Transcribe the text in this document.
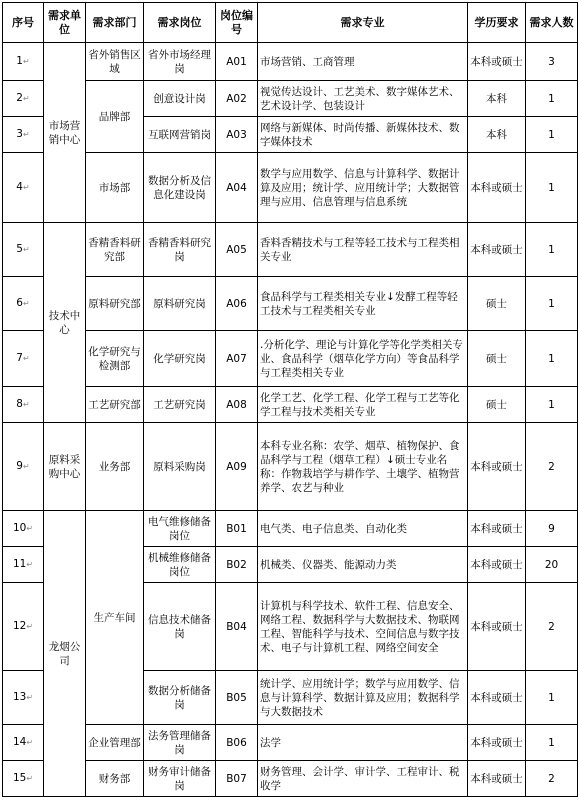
序号	需求单位	需求部门	需求岗位	岗位编号	需求专业	学历要求	需求人数
1↵	市场营销中心	省外销售区域	省外市场经理岗	A01	市场营销、工商管理	本科或硕士	3
2↵		品牌部	创意设计岗	A02	视觉传达设计、工艺美术、数字媒体艺术、艺术设计学、包装设计	本科	1
3↵			互联网营销岗	A03	网络与新媒体、时尚传播、新媒体技术、数字媒体技术	本科	1
4↵		市场部	数据分析及信息化建设岗	A04	数学与应用数学、信息与计算科学、数据计算及应用；统计学、应用统计学；大数据管理与应用、信息管理与信息系统	本科或硕士	1
5↵	技术中心	香精香料研究部	香精香料研究岗	A05	香料香精技术与工程等轻工技术与工程类相关专业	本科或硕士	1
6↵		原料研究部	原料研究岗	A06	食品科学与工程类相关专业↓发酵工程等轻工技术与工程类相关专业	硕士	1
7↵		化学研究与检测部	化学研究岗	A07	.分析化学、理论与计算化学等化学类相关专业、食品科学（烟草化学方向）等食品科学与工程类相关专业	硕士	1
8↵		工艺研究部	工艺研究岗	A08	化学工艺、化学工程、化学工程与工艺等化学工程与技术类相关专业	硕士	1
9↵	原料采购中心	业务部	原料采购岗	A09	本科专业名称：农学、烟草、植物保护、食品科学与工程（烟草工程）↓硕士专业名称：作物栽培学与耕作学、土壤学、植物营养学、农艺与种业	本科或硕士	2
10↵	龙烟公司	生产车间	电气维修储备岗位	B01	电气类、电子信息类、自动化类	本科或硕士	9
11↵			机械维修储备岗位	B02	机械类、仪器类、能源动力类	本科或硕士	20
12↵			信息技术储备岗	B04	计算机与科学技术、软件工程、信息安全、网络工程、数据科学与大数据技术、物联网工程、智能科学与技术、空间信息与数字技术、电子与计算机工程、网络空间安全	本科或硕士	2
13↵			数据分析储备岗	B05	统计学、应用统计学；数学与应用数学、信息与计算科学、数据计算及应用；数据科学与大数据技术	本科或硕士	1
14↵		企业管理部	法务管理储备岗	B06	法学	本科或硕士	1
15↵		财务部	财务审计储备岗	B07	财务管理、会计学、审计学、工程审计、税收学	本科或硕士	2
